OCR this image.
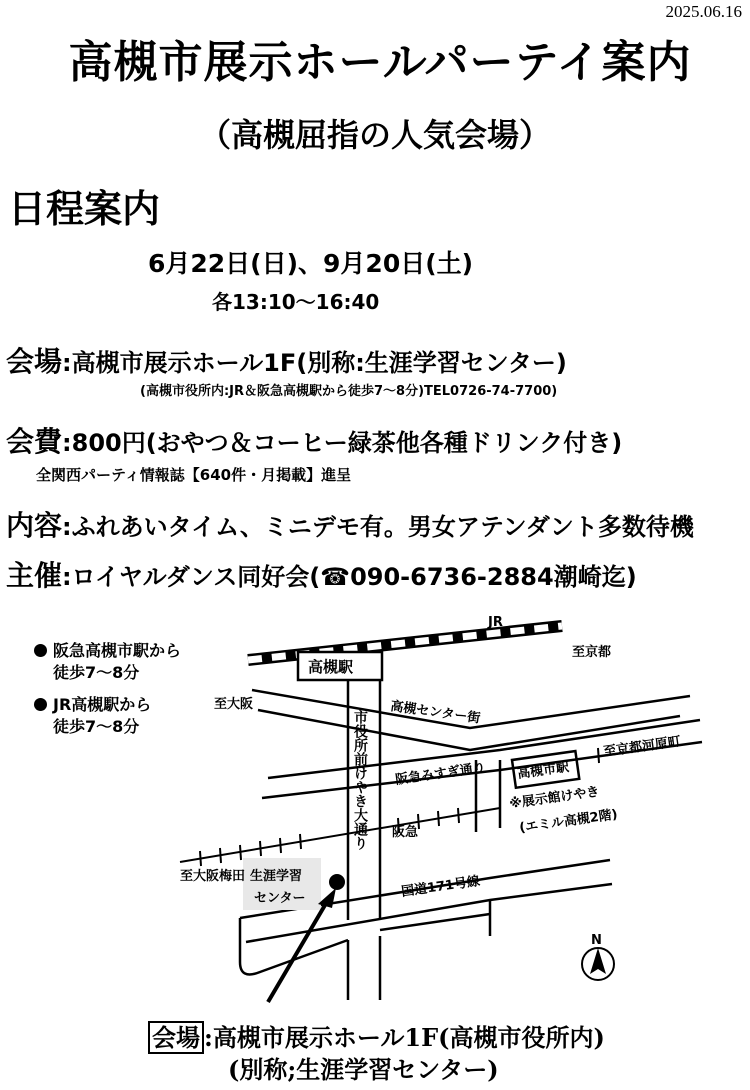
2025.06.16
高槻市展示ホールパーテイ案内
（高槻屈指の人気会場）
日程案内
6月22日(日)、9月20日(土)
各13:10〜16:40
会場:高槻市展示ホール1F(別称:生涯学習センター)
(高槻市役所内:JR＆阪急高槻駅から徒歩7〜8分)TEL0726-74-7700)
会費:800円(おやつ＆コーヒー緑茶他各種ドリンク付き)
全関西パーティ情報誌【640件・月掲載】進呈
内容:ふれあいタイム、ミニデモ有。男女アテンダント多数待機
主催:ロイヤルダンス同好会(☎090-6736-2884潮崎迄)
阪急高槻市駅から
徒歩7〜8分
JR高槻駅から
徒歩7〜8分
JR
高槻駅
至京都
至大阪	高槻センター街
市役所前けやき大通り 阪急みすぎ通り 高槻市駅
至京都河原町
※展示館けやき
(エミル高槻2階)
阪急
至大阪梅田 生涯学習
センター	国道171号線
N
会場 :高槻市展示ホール1F(高槻市役所内)
(別称;生涯学習センター)
